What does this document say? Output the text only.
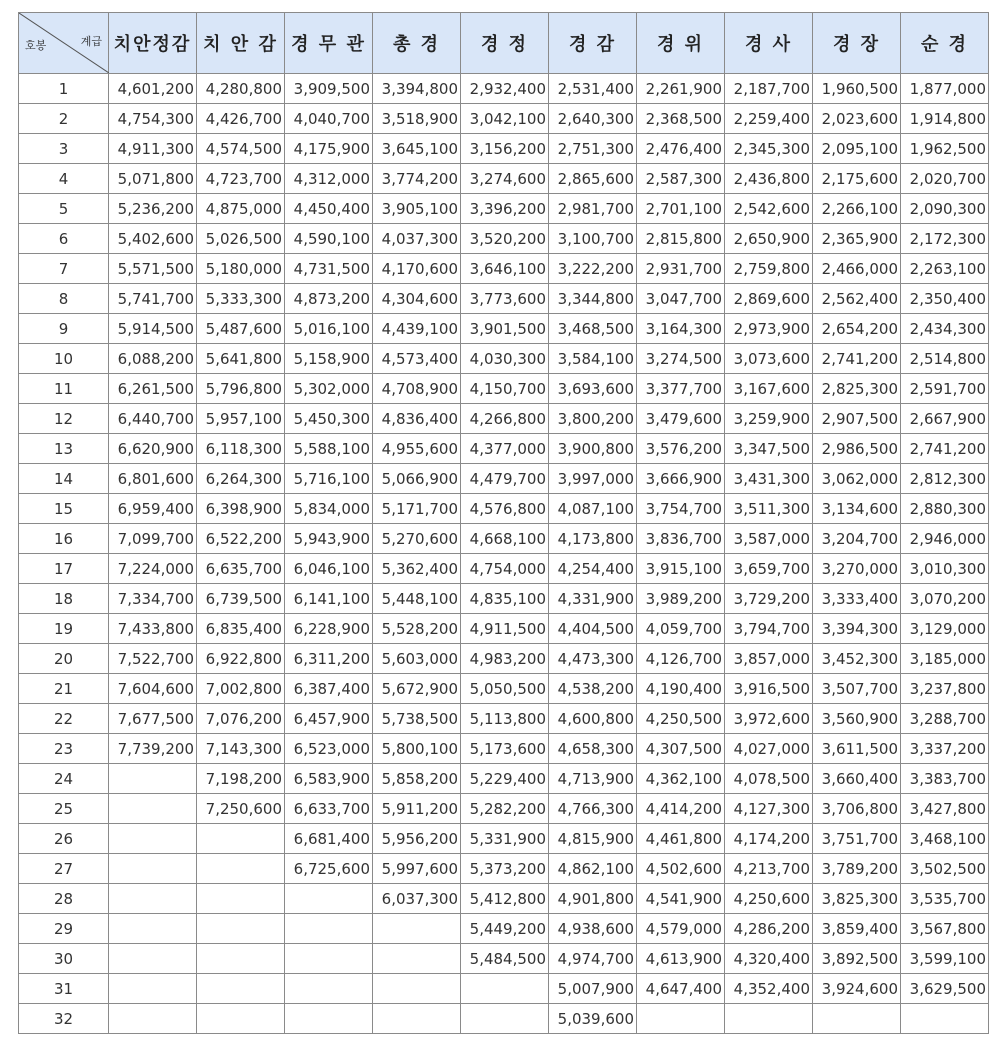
호봉 계급	치안정감	치 안 감	경 무 관	총 경	경 정	경 감	경 위	경 사	경 장	순 경
1	4,601,200	4,280,800	3,909,500	3,394,800	2,932,400	2,531,400	2,261,900	2,187,700	1,960,500	1,877,000
2	4,754,300	4,426,700	4,040,700	3,518,900	3,042,100	2,640,300	2,368,500	2,259,400	2,023,600	1,914,800
3	4,911,300	4,574,500	4,175,900	3,645,100	3,156,200	2,751,300	2,476,400	2,345,300	2,095,100	1,962,500
4	5,071,800	4,723,700	4,312,000	3,774,200	3,274,600	2,865,600	2,587,300	2,436,800	2,175,600	2,020,700
5	5,236,200	4,875,000	4,450,400	3,905,100	3,396,200	2,981,700	2,701,100	2,542,600	2,266,100	2,090,300
6	5,402,600	5,026,500	4,590,100	4,037,300	3,520,200	3,100,700	2,815,800	2,650,900	2,365,900	2,172,300
7	5,571,500	5,180,000	4,731,500	4,170,600	3,646,100	3,222,200	2,931,700	2,759,800	2,466,000	2,263,100
8	5,741,700	5,333,300	4,873,200	4,304,600	3,773,600	3,344,800	3,047,700	2,869,600	2,562,400	2,350,400
9	5,914,500	5,487,600	5,016,100	4,439,100	3,901,500	3,468,500	3,164,300	2,973,900	2,654,200	2,434,300
10	6,088,200	5,641,800	5,158,900	4,573,400	4,030,300	3,584,100	3,274,500	3,073,600	2,741,200	2,514,800
11	6,261,500	5,796,800	5,302,000	4,708,900	4,150,700	3,693,600	3,377,700	3,167,600	2,825,300	2,591,700
12	6,440,700	5,957,100	5,450,300	4,836,400	4,266,800	3,800,200	3,479,600	3,259,900	2,907,500	2,667,900
13	6,620,900	6,118,300	5,588,100	4,955,600	4,377,000	3,900,800	3,576,200	3,347,500	2,986,500	2,741,200
14	6,801,600	6,264,300	5,716,100	5,066,900	4,479,700	3,997,000	3,666,900	3,431,300	3,062,000	2,812,300
15	6,959,400	6,398,900	5,834,000	5,171,700	4,576,800	4,087,100	3,754,700	3,511,300	3,134,600	2,880,300
16	7,099,700	6,522,200	5,943,900	5,270,600	4,668,100	4,173,800	3,836,700	3,587,000	3,204,700	2,946,000
17	7,224,000	6,635,700	6,046,100	5,362,400	4,754,000	4,254,400	3,915,100	3,659,700	3,270,000	3,010,300
18	7,334,700	6,739,500	6,141,100	5,448,100	4,835,100	4,331,900	3,989,200	3,729,200	3,333,400	3,070,200
19	7,433,800	6,835,400	6,228,900	5,528,200	4,911,500	4,404,500	4,059,700	3,794,700	3,394,300	3,129,000
20	7,522,700	6,922,800	6,311,200	5,603,000	4,983,200	4,473,300	4,126,700	3,857,000	3,452,300	3,185,000
21	7,604,600	7,002,800	6,387,400	5,672,900	5,050,500	4,538,200	4,190,400	3,916,500	3,507,700	3,237,800
22	7,677,500	7,076,200	6,457,900	5,738,500	5,113,800	4,600,800	4,250,500	3,972,600	3,560,900	3,288,700
23	7,739,200	7,143,300	6,523,000	5,800,100	5,173,600	4,658,300	4,307,500	4,027,000	3,611,500	3,337,200
24		7,198,200	6,583,900	5,858,200	5,229,400	4,713,900	4,362,100	4,078,500	3,660,400	3,383,700
25		7,250,600	6,633,700	5,911,200	5,282,200	4,766,300	4,414,200	4,127,300	3,706,800	3,427,800
26			6,681,400	5,956,200	5,331,900	4,815,900	4,461,800	4,174,200	3,751,700	3,468,100
27			6,725,600	5,997,600	5,373,200	4,862,100	4,502,600	4,213,700	3,789,200	3,502,500
28				6,037,300	5,412,800	4,901,800	4,541,900	4,250,600	3,825,300	3,535,700
29					5,449,200	4,938,600	4,579,000	4,286,200	3,859,400	3,567,800
30					5,484,500	4,974,700	4,613,900	4,320,400	3,892,500	3,599,100
31						5,007,900	4,647,400	4,352,400	3,924,600	3,629,500
32						5,039,600				
